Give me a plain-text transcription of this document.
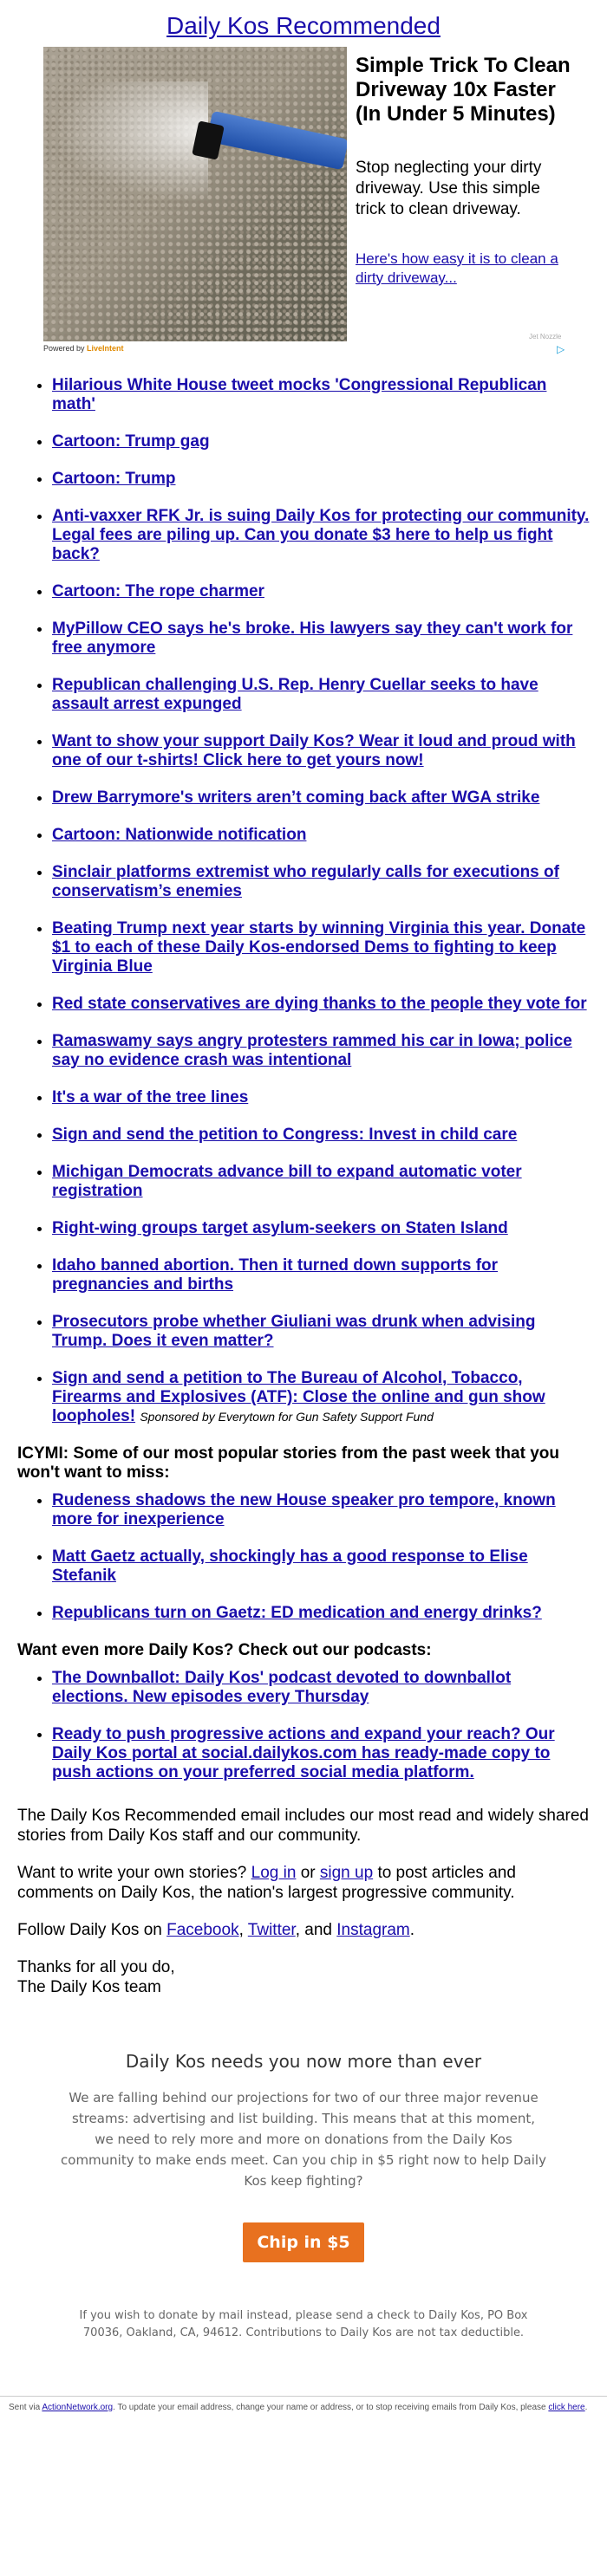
Daily Kos Recommended
Simple Trick To Clean Driveway 10x Faster (In Under 5 Minutes)
Stop neglecting your dirty driveway. Use this simple trick to clean driveway.
Here's how easy it is to clean a dirty driveway...
Powered by LiveIntent
Jet Nozzle
▷
• Hilarious White House tweet mocks 'Congressional Republican math'
• Cartoon: Trump gag
• Cartoon: Trump
• Anti-vaxxer RFK Jr. is suing Daily Kos for protecting our community. Legal fees are piling up. Can you donate $3 here to help us fight back?
• Cartoon: The rope charmer
• MyPillow CEO says he's broke. His lawyers say they can't work for free anymore
• Republican challenging U.S. Rep. Henry Cuellar seeks to have assault arrest expunged
• Want to show your support Daily Kos? Wear it loud and proud with one of our t-shirts! Click here to get yours now!
• Drew Barrymore's writers aren’t coming back after WGA strike
• Cartoon: Nationwide notification
• Sinclair platforms extremist who regularly calls for executions of conservatism’s enemies
• Beating Trump next year starts by winning Virginia this year. Donate $1 to each of these Daily Kos-endorsed Dems to fighting to keep Virginia Blue
• Red state conservatives are dying thanks to the people they vote for
• Ramaswamy says angry protesters rammed his car in Iowa; police say no evidence crash was intentional
• It's a war of the tree lines
• Sign and send the petition to Congress: Invest in child care
• Michigan Democrats advance bill to expand automatic voter registration
• Right-wing groups target asylum-seekers on Staten Island
• Idaho banned abortion. Then it turned down supports for pregnancies and births
• Prosecutors probe whether Giuliani was drunk when advising Trump. Does it even matter?
• Sign and send a petition to The Bureau of Alcohol, Tobacco, Firearms and Explosives (ATF): Close the online and gun show loopholes! Sponsored by Everytown for Gun Safety Support Fund
ICYMI: Some of our most popular stories from the past week that you won't want to miss:
• Rudeness shadows the new House speaker pro tempore, known more for inexperience
• Matt Gaetz actually, shockingly has a good response to Elise Stefanik
• Republicans turn on Gaetz: ED medication and energy drinks?
Want even more Daily Kos? Check out our podcasts:
• The Downballot: Daily Kos' podcast devoted to downballot elections. New episodes every Thursday
• Ready to push progressive actions and expand your reach? Our Daily Kos portal at social.dailykos.com has ready-made copy to push actions on your preferred social media platform.

The Daily Kos Recommended email includes our most read and widely shared stories from Daily Kos staff and our community.

Want to write your own stories? Log in or sign up to post articles and comments on Daily Kos, the nation's largest progressive community.

Follow Daily Kos on Facebook, Twitter, and Instagram.

Thanks for all you do,
The Daily Kos team

Daily Kos needs you now more than ever

We are falling behind our projections for two of our three major revenue streams: advertising and list building. This means that at this moment, we need to rely more and more on donations from the Daily Kos community to make ends meet. Can you chip in $5 right now to help Daily Kos keep fighting?

Chip in $5
If you wish to donate by mail instead, please send a check to Daily Kos, PO Box 70036, Oakland, CA, 94612. Contributions to Daily Kos are not tax deductible.
Sent via ActionNetwork.org. To update your email address, change your name or address, or to stop receiving emails from Daily Kos, please click here.
